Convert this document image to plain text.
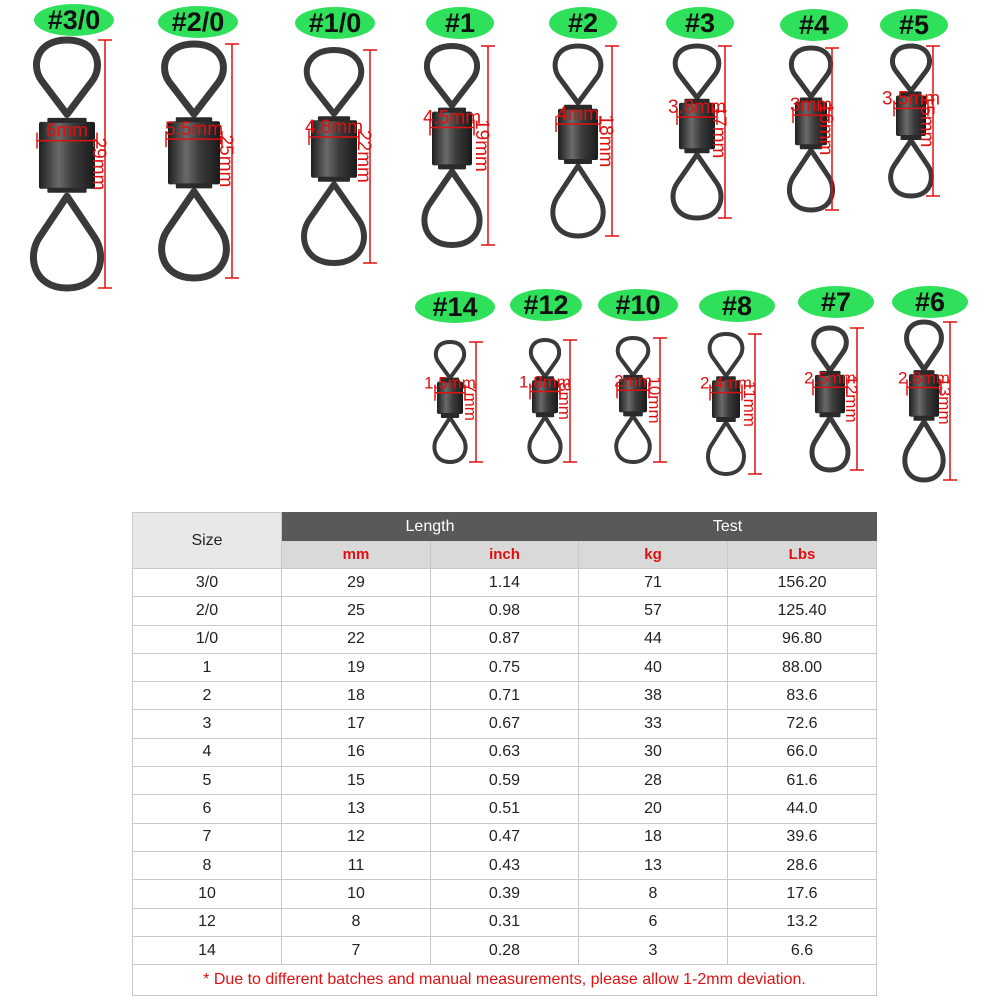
6mm
29mm
#3/0
5.5mm
25mm
#2/0
4.8mm
22mm
#1/0
4.5mm
19mm
#1
4mm
18mm
#2
3.8mm
17mm
#3
3mm
16mm
#4
3.5mm
15mm
#5
1.5mm
7mm
#14
1.8mm
8mm
#12
2mm
10mm
#10
2.4mm
11mm
#8
2.5mm
12mm
#7
2.8mm
13mm
#6
Size	Length		Test	
	mm	inch	kg	Lbs
3/0	29	1.14	71	156.20
2/0	25	0.98	57	125.40
1/0	22	0.87	44	96.80
1	19	0.75	40	88.00
2	18	0.71	38	83.6
3	17	0.67	33	72.6
4	16	0.63	30	66.0
5	15	0.59	28	61.6
6	13	0.51	20	44.0
7	12	0.47	18	39.6
8	11	0.43	13	28.6
10	10	0.39	8	17.6
12	8	0.31	6	13.2
14	7	0.28	3	6.6
* Due to different batches and manual measurements, please allow 1-2mm deviation.				
